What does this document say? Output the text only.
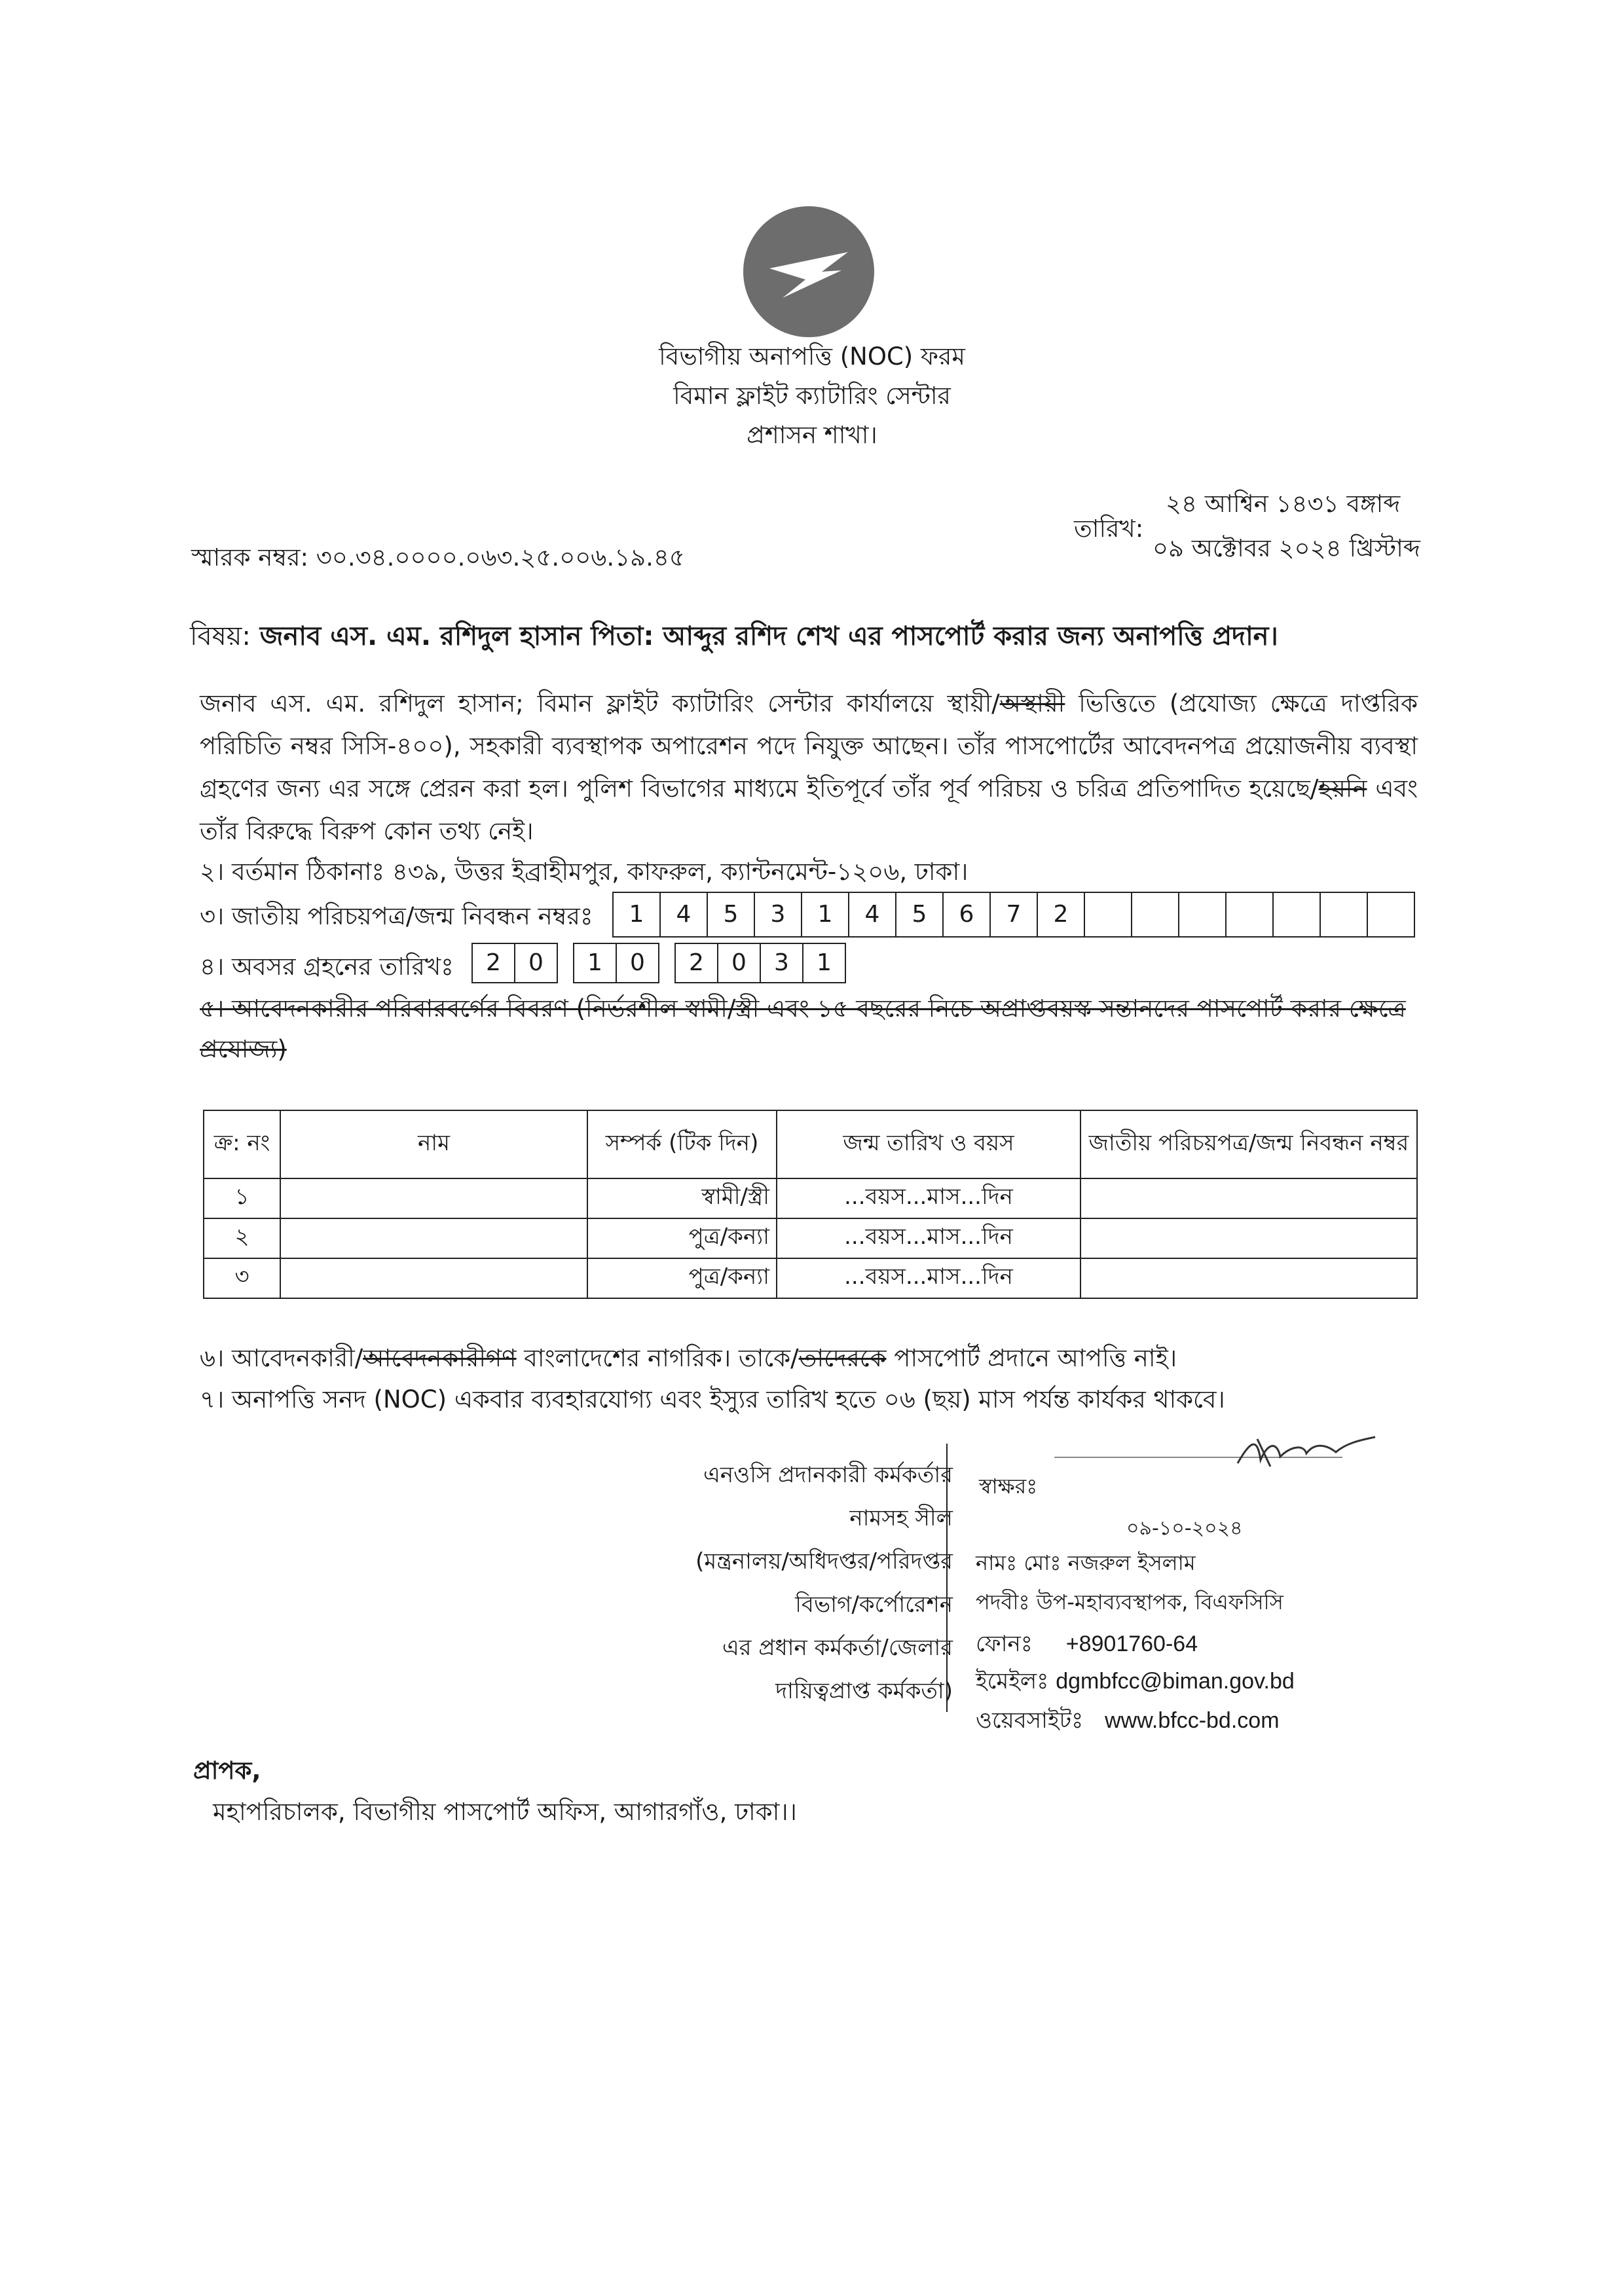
বিভাগীয় অনাপত্তি (NOC) ফরম
বিমান ফ্লাইট ক্যাটারিং সেন্টার
প্রশাসন শাখা।
২৪ আশ্বিন ১৪৩১ বঙ্গাব্দ
তারিখ:
০৯ অক্টোবর ২০২৪ খ্রিস্টাব্দ
স্মারক নম্বর: ৩০.৩৪.০০০০.০৬৩.২৫.০০৬.১৯.৪৫
বিষয়: জনাব এস. এম. রশিদুল হাসান পিতা: আব্দুর রশিদ শেখ এর পাসপোর্ট করার জন্য অনাপত্তি প্রদান।
জনাব এস. এম. রশিদুল হাসান; বিমান ফ্লাইট ক্যাটারিং সেন্টার কার্যালয়ে স্থায়ী/অস্থায়ী ভিত্তিতে (প্রযোজ্য ক্ষেত্রে দাপ্তরিক পরিচিতি নম্বর সিসি-৪০০), সহকারী ব্যবস্থাপক অপারেশন পদে নিযুক্ত আছেন। তাঁর পাসপোর্টের আবেদনপত্র প্রয়োজনীয় ব্যবস্থা গ্রহণের জন্য এর সঙ্গে প্রেরন করা হল। পুলিশ বিভাগের মাধ্যমে ইতিপূর্বে তাঁর পূর্ব পরিচয় ও চরিত্র প্রতিপাদিত হয়েছে/হয়নি এবং তাঁর বিরুদ্ধে বিরুপ কোন তথ্য নেই।
২। বর্তমান ঠিকানাঃ ৪৩৯, উত্তর ইব্রাহীমপুর, কাফরুল, ক্যান্টনমেন্ট-১২০৬, ঢাকা।
৩। জাতীয় পরিচয়পত্র/জন্ম নিবন্ধন নম্বরঃ	1	4	5	3	1	4	5	6	7	2
৪। অবসর গ্রহনের তারিখঃ	2	0	1	0	2	0	3	1
৫। আবেদনকারীর পরিবারবর্গের বিবরণ (নির্ভরশীল স্বামী/স্ত্রী এবং ১৫ বছরের নিচে অপ্রাপ্তবয়স্ক সন্তানদের পাসপোর্ট করার ক্ষেত্রে প্রযোজ্য)
ক্র: নং	নাম	সম্পর্ক (টিক দিন)	জন্ম তারিখ ও বয়স	জাতীয় পরিচয়পত্র/জন্ম নিবন্ধন নম্বর
১		স্বামী/স্ত্রী	...বয়স...মাস...দিন	
২		পুত্র/কন্যা	...বয়স...মাস...দিন	
৩		পুত্র/কন্যা	...বয়স...মাস...দিন	
৬। আবেদনকারী/আবেদনকারীগণ বাংলাদেশের নাগরিক। তাকে/তাদেরকে পাসপোর্ট প্রদানে আপত্তি নাই।
৭। অনাপত্তি সনদ (NOC) একবার ব্যবহারযোগ্য এবং ইস্যুর তারিখ হতে ০৬ (ছয়) মাস পর্যন্ত কার্যকর থাকবে।
এনওসি প্রদানকারী কর্মকর্তার
নামসহ সীল
(মন্ত্রনালয়/অধিদপ্তর/পরিদপ্তর
বিভাগ/কর্পোরেশন
এর প্রধান কর্মকর্তা/জেলার
দায়িত্বপ্রাপ্ত কর্মকর্তা)
স্বাক্ষরঃ
০৯-১০-২০২৪
নামঃ মোঃ নজরুল ইসলাম
পদবীঃ উপ-মহাব্যবস্থাপক, বিএফসিসি
ফোনঃ +8901760-64
ইমেইলঃ dgmbfcc@biman.gov.bd
ওয়েবসাইটঃ www.bfcc-bd.com
প্রাপক,
মহাপরিচালক, বিভাগীয় পাসপোর্ট অফিস, আগারগাঁও, ঢাকা।।
